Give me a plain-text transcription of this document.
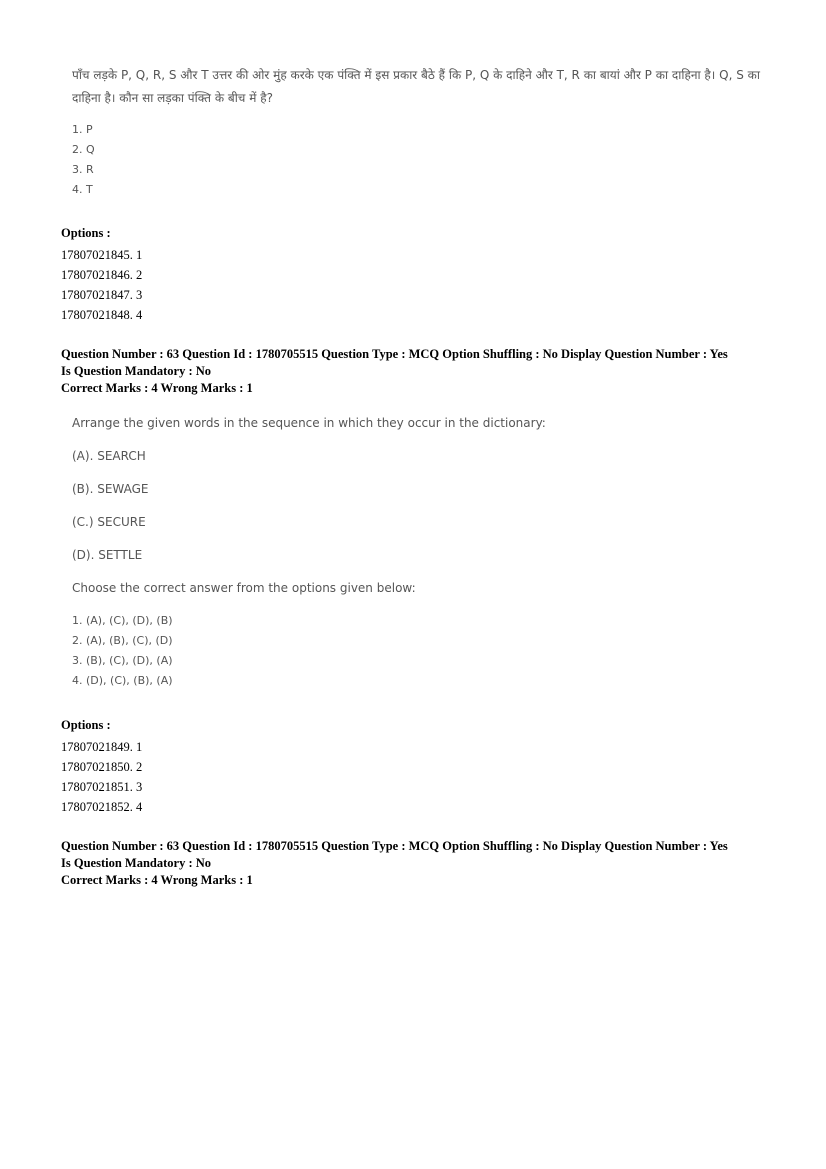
पाँच लड़के P, Q, R, S और T उत्तर की ओर मुंह करके एक पंक्ति में इस प्रकार बैठे हैं कि P, Q के दाहिने और T, R का बायां और P का दाहिना है। Q, S का दाहिना है। कौन सा लड़का पंक्ति के बीच में है?

1. P
2. Q
3. R
4. T

Options :

17807021845. 1
17807021846. 2
17807021847. 3
17807021848. 4

Question Number : 63 Question Id : 1780705515 Question Type : MCQ Option Shuffling : No Display Question Number : Yes

Is Question Mandatory : No

Correct Marks : 4 Wrong Marks : 1

Arrange the given words in the sequence in which they occur in the dictionary:

(A). SEARCH

(B). SEWAGE

(C.) SECURE

(D). SETTLE

Choose the correct answer from the options given below:

1. (A), (C), (D), (B)
2. (A), (B), (C), (D)
3. (B), (C), (D), (A)
4. (D), (C), (B), (A)

Options :

17807021849. 1
17807021850. 2
17807021851. 3
17807021852. 4

Question Number : 63 Question Id : 1780705515 Question Type : MCQ Option Shuffling : No Display Question Number : Yes

Is Question Mandatory : No

Correct Marks : 4 Wrong Marks : 1
